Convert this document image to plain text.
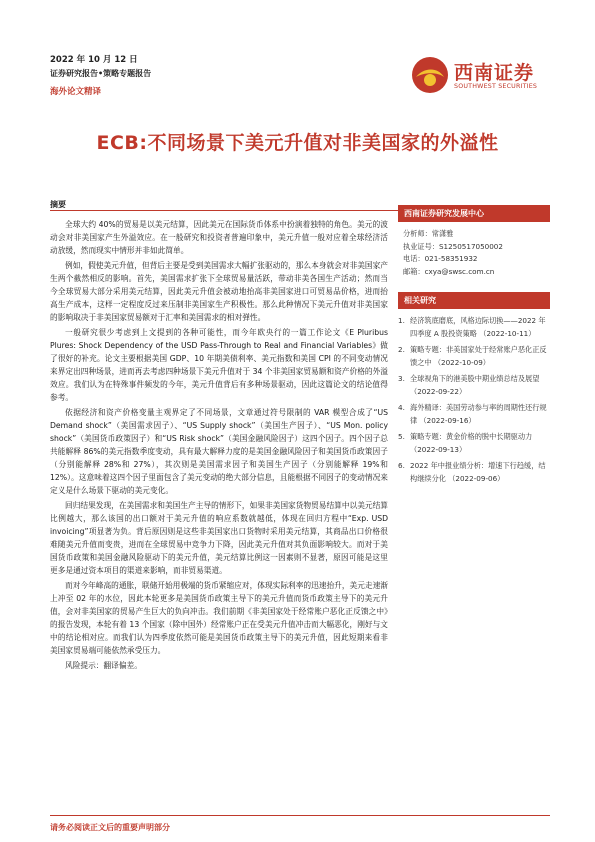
2022 年 10 月 12 日
证券研究报告•策略专题报告
海外论文精译
西南证券
SOUTHWEST SECURITIES
ECB:不同场景下美元升值对非美国家的外溢性
摘要

全球大约 40%的贸易是以美元结算，因此美元在国际货币体系中扮演着独特的角色。美元的波动会对非美国家产生外溢效应。在一般研究和投资者普遍印象中，美元升值一般对应着全球经济活动放缓，然而现实中情形并非如此简单。

例如，假使美元升值，但背后主要是受到美国需求大幅扩张驱动的，那么本身就会对非美国家产生两个截然相反的影响。首先，美国需求扩张下全球贸易量活跃，带动非美各国生产活动；然而当今全球贸易大部分采用美元结算，因此美元升值会被动地抬高非美国家进口可贸易品价格，进而抬高生产成本，这样一定程度反过来压制非美国家生产积极性。那么此种情况下美元升值对非美国家的影响取决于非美国家贸易额对于汇率和美国需求的相对弹性。

一般研究很少考虑到上文提到的各种可能性，而今年欧央行的一篇工作论文《E Pluribus Plures: Shock Dependency of the USD Pass-Through to Real and Financial Variables》做了很好的补充。论文主要根据美国 GDP、10 年期美债利率、美元指数和美国 CPI 的不同变动情况来界定出四种场景，进而再去考虑四种场景下美元升值对于 34 个非美国家贸易额和资产价格的外溢效应。我们认为在特殊事件频发的今年，美元升值背后有多种场景驱动，因此这篇论文的结论值得参考。

依据经济和资产价格变量主观界定了不同场景，文章通过符号限制的 VAR 模型合成了“US Demand shock”（美国需求因子）、“US Supply shock”（美国生产因子）、“US Mon. policy shock”（美国货币政策因子）和“US Risk shock”（美国金融风险因子）这四个因子。四个因子总共能解释 86%的美元指数季度变动，具有最大解释力度的是美国金融风险因子和美国货币政策因子（分别能解释 28%和 27%），其次则是美国需求因子和美国生产因子（分别能解释 19%和 12%）。这意味着这四个因子里面包含了美元变动的绝大部分信息，且能根据不同因子的变动情况来定义是什么场景下驱动的美元变化。

回归结果发现，在美国需求和美国生产主导的情形下，如果非美国家货物贸易结算中以美元结算比例越大，那么该国的出口额对于美元升值的响应系数就越低，体现在回归方程中“Exp. USD invoicing”项显著为负。背后原因则是这些非美国家出口货物时采用美元结算，其商品出口价格很难随美元升值而变贵，进而在全球贸易中竞争力下降，因此美元升值对其负面影响较大。而对于美国货币政策和美国金融风险驱动下的美元升值，美元结算比例这一因素则不显著，原因可能是这里更多是通过资本项目的渠道来影响，而非贸易渠道。

而对今年峰高的通胀，联储开始用极端的货币紧缩应对，体现实际利率的迅速抬升，美元走速渐上冲至 02 年的水位，因此本轮更多是美国货币政策主导下的美元升值而货币政策主导下的美元升值，会对非美国家的贸易产生巨大的负向冲击。我们前期《非美国家处于经常账户恶化正反馈之中》的报告发现，本轮有着 13 个国家（除中国外）经常账户正在受美元升值冲击而大幅恶化，刚好与文中的结论相对应。而我们认为四季度依然可能是美国货币政策主导下的美元升值，因此短期来看非美国家贸易端可能依然承受压力。

风险提示：翻译偏差。

西南证券研究发展中心
分析师：常潇雅
执业证号：S1250517050002
电话：021-58351932
邮箱：cxya@swsc.com.cn
相关研究
1. 经济筑底磨底，风格边际切换——2022 年四季度 A 股投资策略 （2022-10-11）
2. 策略专题：非美国家处于经常账户恶化正反馈之中 （2022-10-09）
3. 全球视角下的港美股中期业绩总结及展望 （2022-09-22）
4. 海外精译：美国劳动参与率的周期性还行规律 （2022-09-16）
5. 策略专题：黄金价格的脱中长期驱动力 （2022-09-13）
6. 2022 年中报业绩分析：增速下行趋缓，结构继续分化 （2022-09-06）
请务必阅读正文后的重要声明部分
